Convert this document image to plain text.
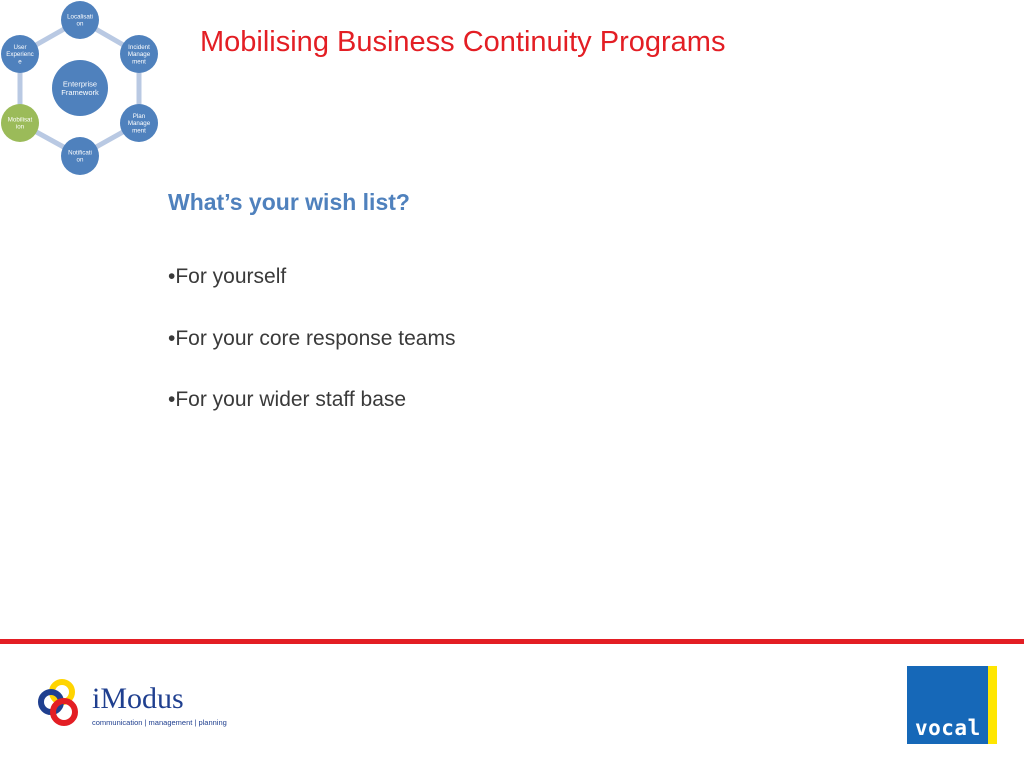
Enterprise Framework
Localisati on
Incident Manage ment
Plan Manage ment
Notificati on
Mobilisat ion
User Experienc e
Mobilising Business Continuity Programs
What’s your wish list?
•For yourself
•For your core response teams
•For your wider staff base
iModus
communication | management | planning	vocal
